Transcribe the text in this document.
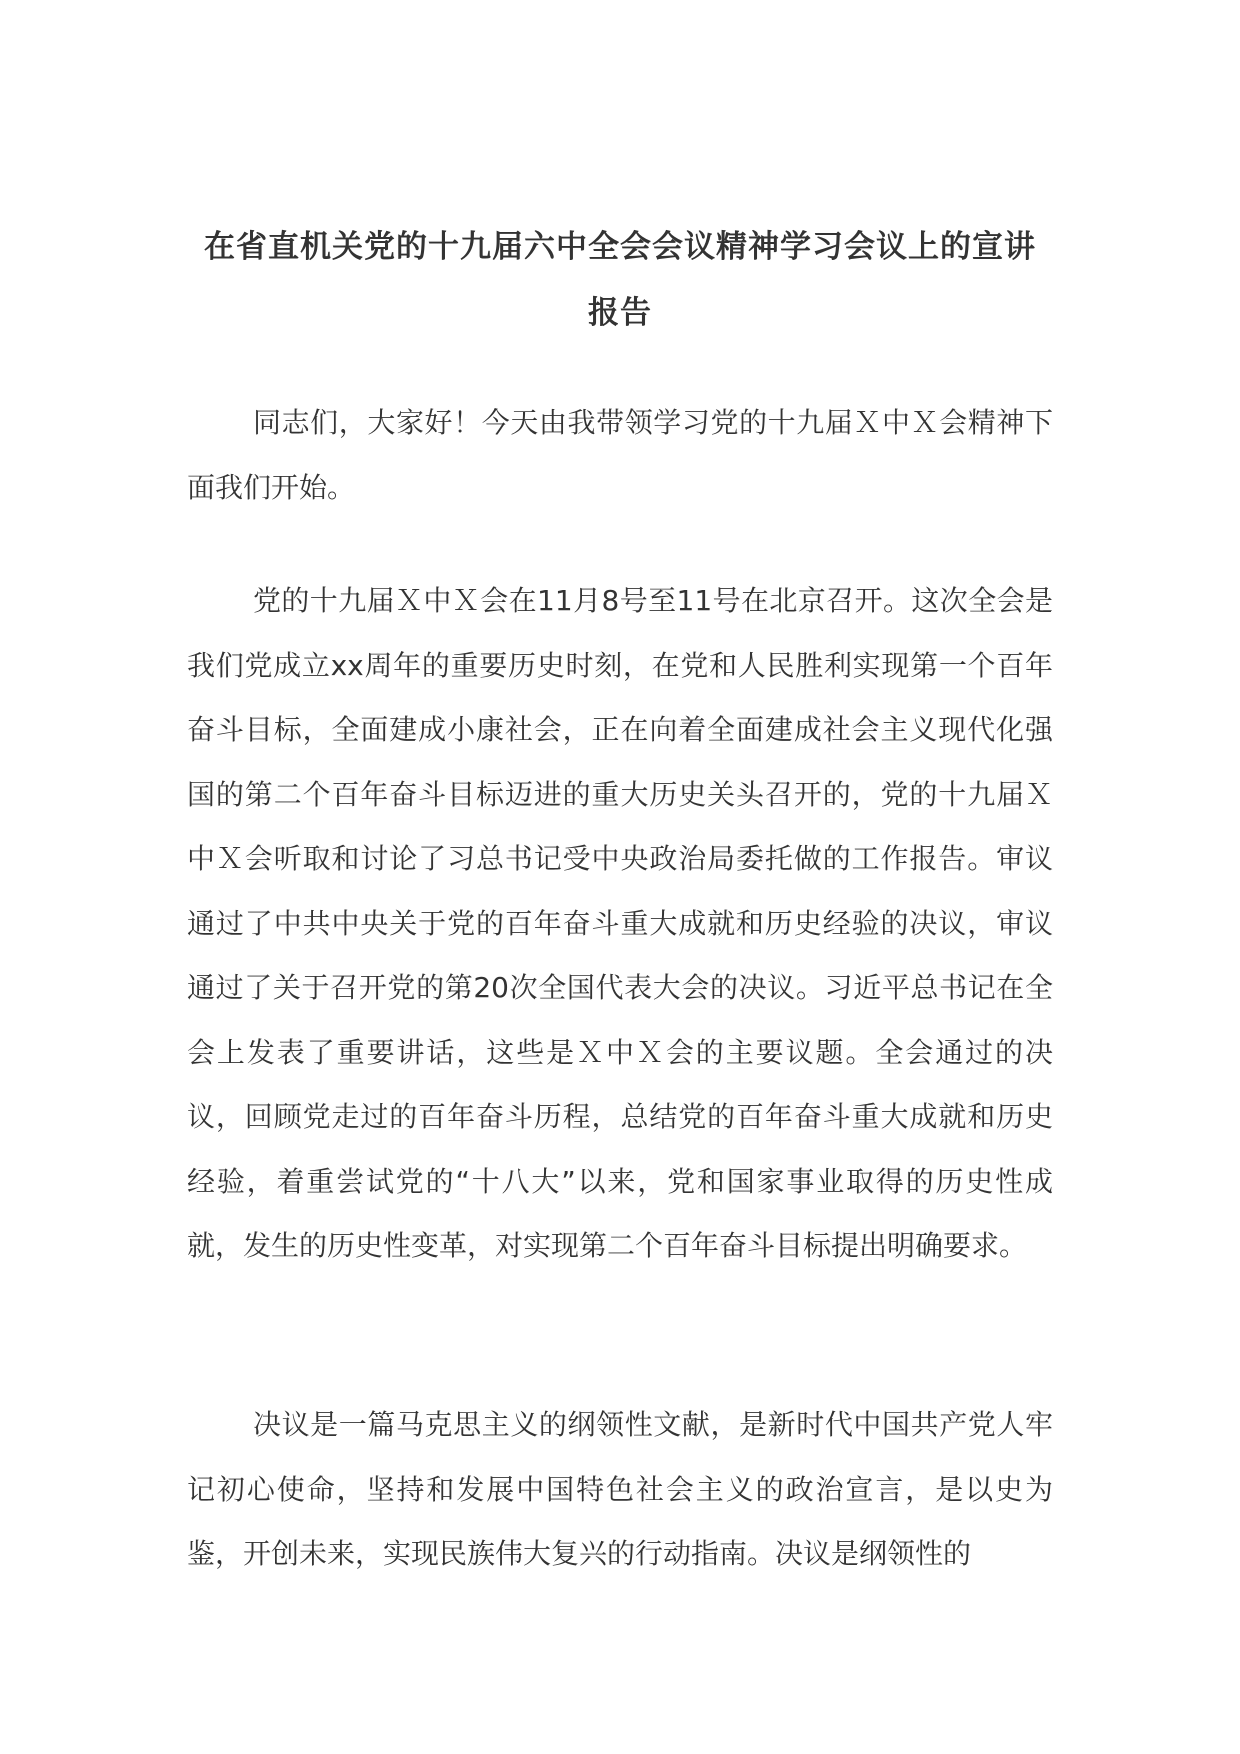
在省直机关党的十九届六中全会会议精神学习会议上的宣讲报告

同志们，大家好！今天由我带领学习党的十九届Ｘ中Ｘ会精神下面我们开始。

党的十九届Ｘ中Ｘ会在11月8号至11号在北京召开。这次全会是我们党成立xx周年的重要历史时刻，在党和人民胜利实现第一个百年奋斗目标，全面建成小康社会，正在向着全面建成社会主义现代化强国的第二个百年奋斗目标迈进的重大历史关头召开的，党的十九届Ｘ中Ｘ会听取和讨论了习总书记受中央政治局委托做的工作报告。审议通过了中共中央关于党的百年奋斗重大成就和历史经验的决议，审议通过了关于召开党的第20次全国代表大会的决议。习近平总书记在全会上发表了重要讲话，这些是Ｘ中Ｘ会的主要议题。全会通过的决议，回顾党走过的百年奋斗历程，总结党的百年奋斗重大成就和历史经验，着重尝试党的“十八大”以来，党和国家事业取得的历史性成就，发生的历史性变革，对实现第二个百年奋斗目标提出明确要求。

决议是一篇马克思主义的纲领性文献，是新时代中国共产党人牢记初心使命，坚持和发展中国特色社会主义的政治宣言，是以史为鉴，开创未来，实现民族伟大复兴的行动指南。决议是纲领性的
